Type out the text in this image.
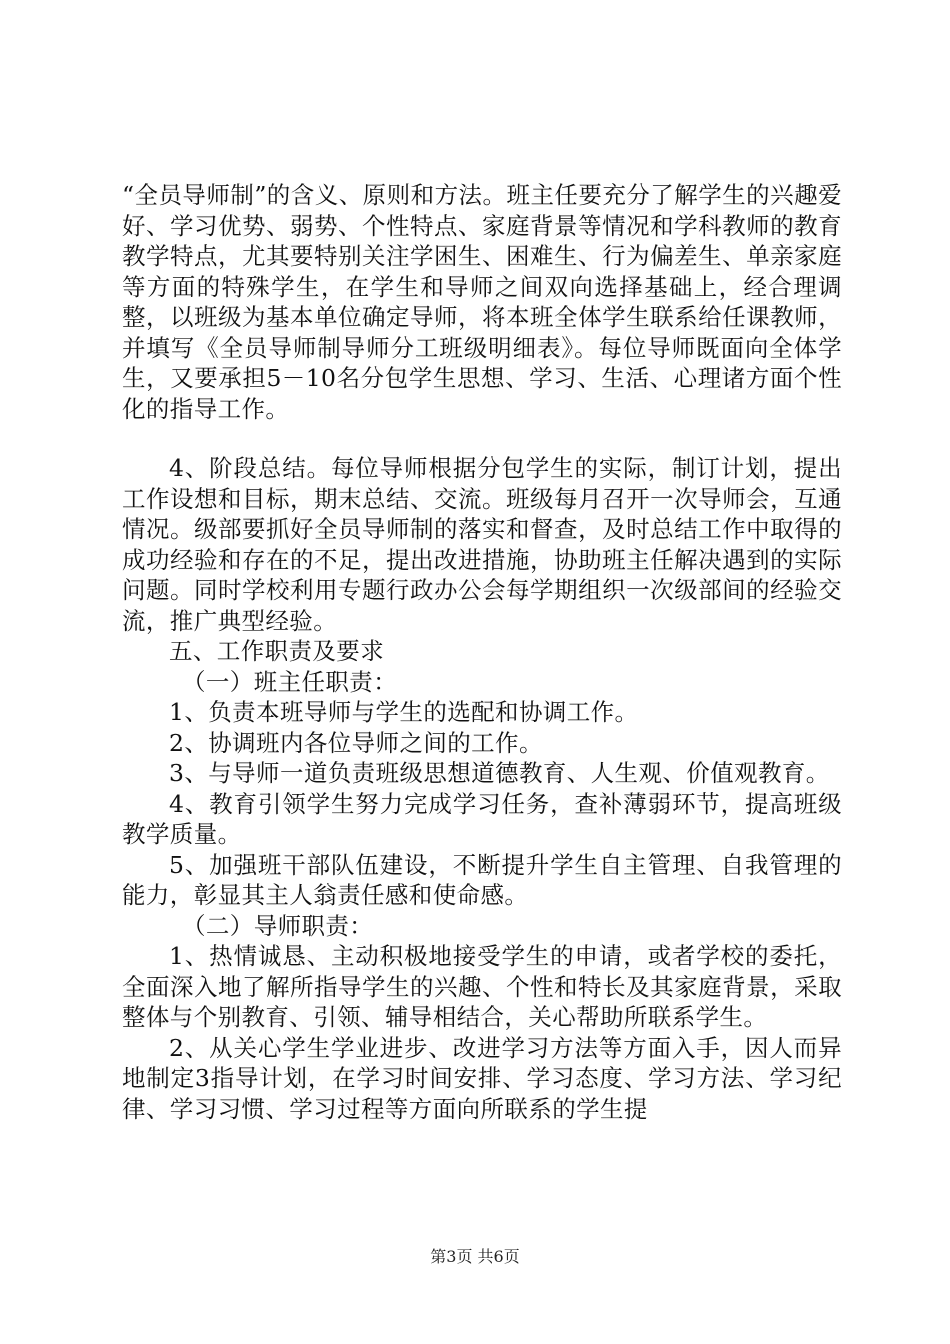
“全员导师制”的含义、原则和方法。班主任要充分了解学生的兴趣爱好、学习优势、弱势、个性特点、家庭背景等情况和学科教师的教育教学特点，尤其要特别关注学困生、困难生、行为偏差生、单亲家庭等方面的特殊学生，在学生和导师之间双向选择基础上，经合理调整，以班级为基本单位确定导师，将本班全体学生联系给任课教师，并填写《全员导师制导师分工班级明细表》。每位导师既面向全体学生，又要承担5－10名分包学生思想、学习、生活、心理诸方面个性化的指导工作。

4、阶段总结。每位导师根据分包学生的实际，制订计划，提出工作设想和目标，期末总结、交流。班级每月召开一次导师会，互通情况。级部要抓好全员导师制的落实和督查，及时总结工作中取得的成功经验和存在的不足，提出改进措施，协助班主任解决遇到的实际问题。同时学校利用专题行政办公会每学期组织一次级部间的经验交流，推广典型经验。

五、工作职责及要求

（一）班主任职责：

1、负责本班导师与学生的选配和协调工作。

2、协调班内各位导师之间的工作。

3、与导师一道负责班级思想道德教育、人生观、价值观教育。

4、教育引领学生努力完成学习任务，查补薄弱环节，提高班级教学质量。

5、加强班干部队伍建设，不断提升学生自主管理、自我管理的能力，彰显其主人翁责任感和使命感。

（二）导师职责：

1、热情诚恳、主动积极地接受学生的申请，或者学校的委托，全面深入地了解所指导学生的兴趣、个性和特长及其家庭背景，采取整体与个别教育、引领、辅导相结合，关心帮助所联系学生。

2、从关心学生学业进步、改进学习方法等方面入手，因人而异地制定3指导计划，在学习时间安排、学习态度、学习方法、学习纪律、学习习惯、学习过程等方面向所联系的学生提

第3页 共6页
